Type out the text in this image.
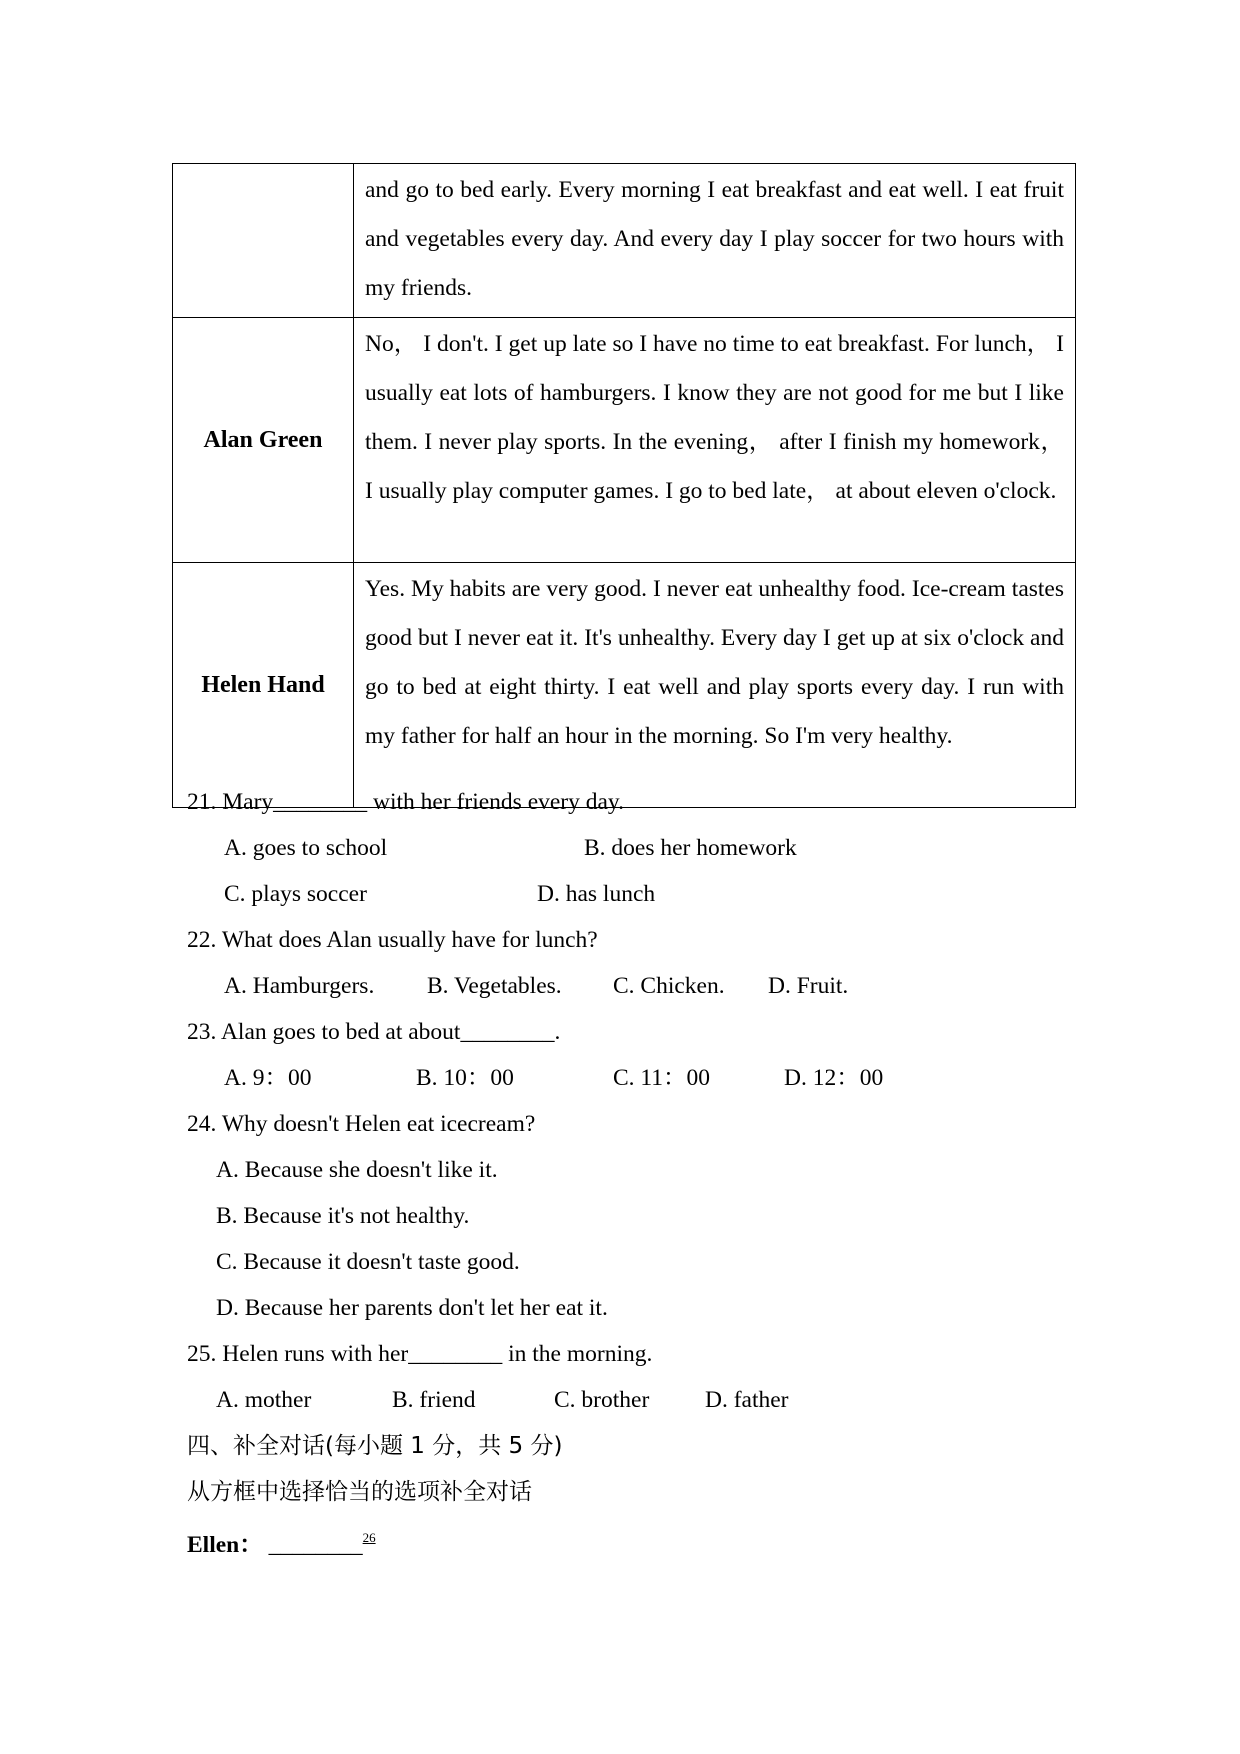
	and go to bed early. Every morning I eat breakfast and eat well. I eat fruit and vegetables every day. And every day I play soccer for two hours with my friends.
Alan Green	No， I don't. I get up late so I have no time to eat breakfast. For lunch， I usually eat lots of hamburgers. I know they are not good for me but I like them. I never play sports. In the evening， after I finish my homework， I usually play computer games. I go to bed late， at about eleven o'clock.
Helen Hand	Yes. My habits are very good. I never eat unhealthy food. Ice-cream tastes good but I never eat it. It's unhealthy. Every day I get up at six o'clock and go to bed at eight thirty. I eat well and play sports every day. I run with my father for half an hour in the morning. So I'm very healthy.
21. Mary________ with her friends every day.
A. goes to school	B. does her homework
C. plays soccer	D. has lunch
22. What does Alan usually have for lunch?
A. Hamburgers. B. Vegetables. C. Chicken. D. Fruit.
23. Alan goes to bed at about________.
A. 9：00	B. 10：00	C. 11：00	D. 12：00
24. Why doesn't Helen eat icecream?
A. Because she doesn't like it.
B. Because it's not healthy.
C. Because it doesn't taste good.
D. Because her parents don't let her eat it.
25. Helen runs with her________ in the morning.
A. mother	B. friend	C. brother D. father
四、补全对话(每小题 1 分，共 5 分)
从方框中选择恰当的选项补全对话
Ellen： ________$^{26}$
